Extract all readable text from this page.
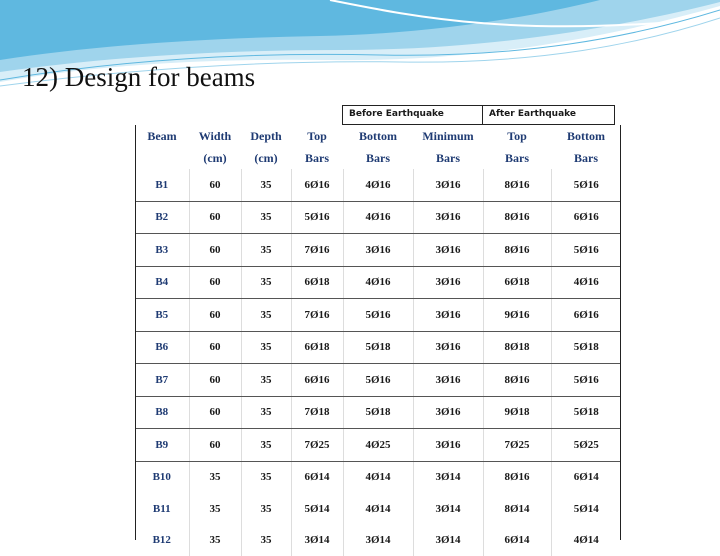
12) Design for beams
Before Earthquake	After Earthquake
Beam	Width	Depth	Top	Bottom	Minimum	Top	Bottom
	(cm)	(cm)	Bars	Bars	Bars	Bars	Bars
B1	60	35	6Ø16	4Ø16	3Ø16	8Ø16	5Ø16
B2	60	35	5Ø16	4Ø16	3Ø16	8Ø16	6Ø16
B3	60	35	7Ø16	3Ø16	3Ø16	8Ø16	5Ø16
B4	60	35	6Ø18	4Ø16	3Ø16	6Ø18	4Ø16
B5	60	35	7Ø16	5Ø16	3Ø16	9Ø16	6Ø16
B6	60	35	6Ø18	5Ø18	3Ø16	8Ø18	5Ø18
B7	60	35	6Ø16	5Ø16	3Ø16	8Ø16	5Ø16
B8	60	35	7Ø18	5Ø18	3Ø16	9Ø18	5Ø18
B9	60	35	7Ø25	4Ø25	3Ø16	7Ø25	5Ø25
B10	35	35	6Ø14	4Ø14	3Ø14	8Ø16	6Ø14
B11	35	35	5Ø14	4Ø14	3Ø14	8Ø14	5Ø14
B12	35	35	3Ø14	3Ø14	3Ø14	6Ø14	4Ø14
